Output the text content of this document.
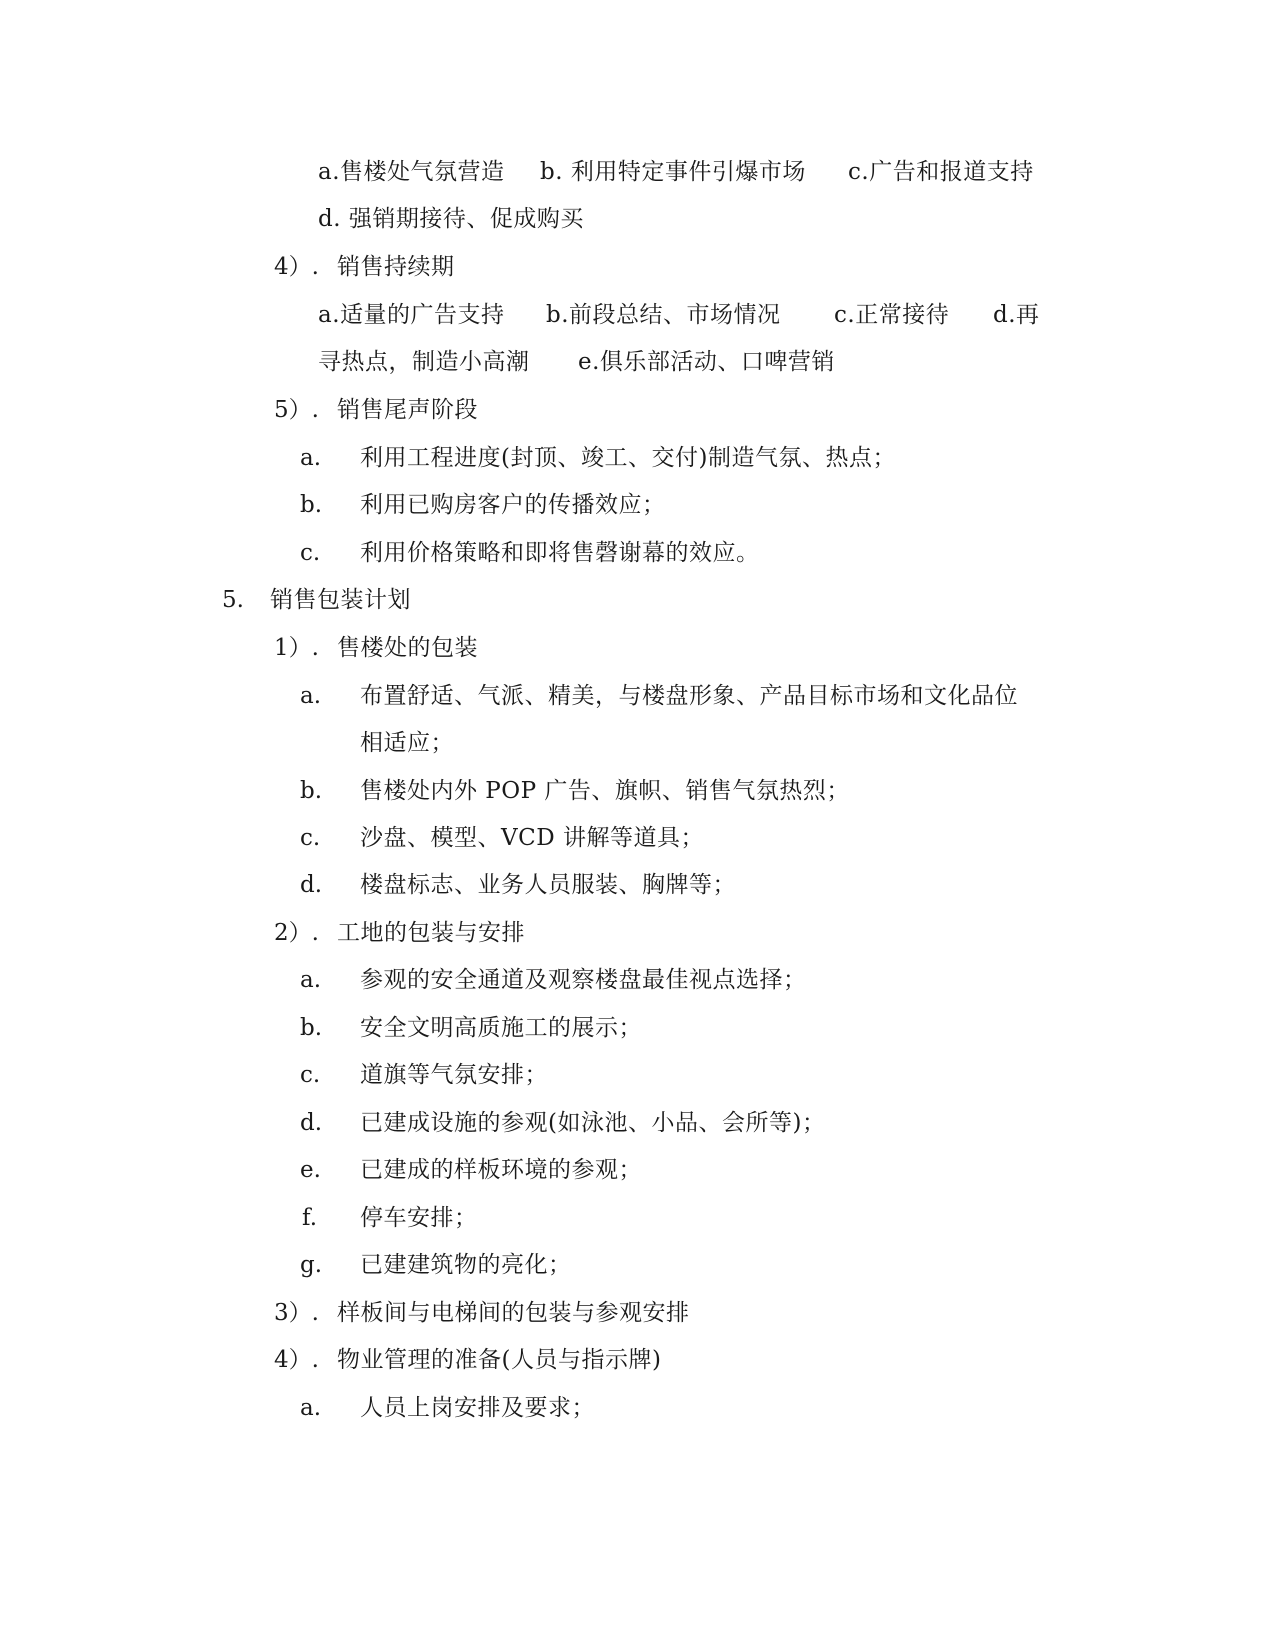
a.售楼处气氛营造 b. 利用特定事件引爆市场 c.广告和报道支持
d. 强销期接待、促成购买
4）. 销售持续期
a.适量的广告支持 b.前段总结、市场情况 c.正常接待 d.再
寻热点，制造小高潮 e.俱乐部活动、口啤营销
5）. 销售尾声阶段
a. 利用工程进度(封顶、竣工、交付)制造气氛、热点；
b. 利用已购房客户的传播效应；
c. 利用价格策略和即将售磬谢幕的效应。
5. 销售包装计划
1）. 售楼处的包装
a. 布置舒适、气派、精美，与楼盘形象、产品目标市场和文化品位
相适应；
b. 售楼处内外 POP 广告、旗帜、销售气氛热烈；
c. 沙盘、模型、VCD 讲解等道具；
d. 楼盘标志、业务人员服装、胸牌等；
2）. 工地的包装与安排
a. 参观的安全通道及观察楼盘最佳视点选择；
b. 安全文明高质施工的展示；
c. 道旗等气氛安排；
d. 已建成设施的参观(如泳池、小品、会所等)；
e. 已建成的样板环境的参观；
f. 停车安排；
g. 已建建筑物的亮化；
3）. 样板间与电梯间的包装与参观安排
4）. 物业管理的准备(人员与指示牌)
a. 人员上岗安排及要求；
